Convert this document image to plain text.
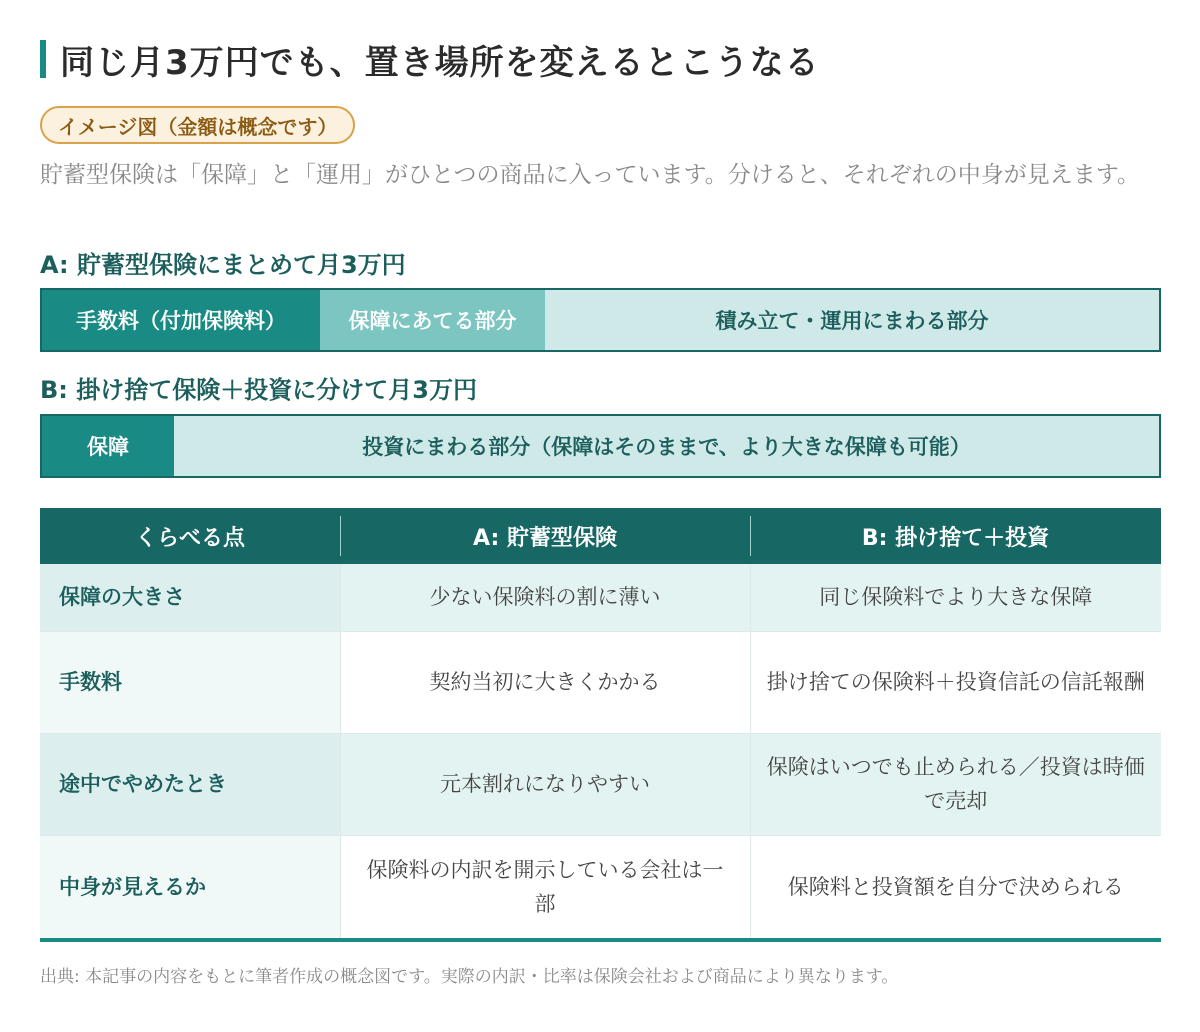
同じ月3万円でも、置き場所を変えるとこうなる
イメージ図（金額は概念です）

貯蓄型保険は「保障」と「運用」がひとつの商品に入っています。分けると、それぞれの中身が見えます。

A: 貯蓄型保険にまとめて月3万円
手数料（付加保険料）	保障にあてる部分	積み立て・運用にまわる部分
B: 掛け捨て保険＋投資に分けて月3万円
保障	投資にまわる部分（保障はそのままで、より大きな保障も可能）
くらべる点	A: 貯蓄型保険	B: 掛け捨て＋投資
保障の大きさ	少ない保険料の割に薄い	同じ保険料でより大きな保障
手数料	契約当初に大きくかかる	掛け捨ての保険料＋投資信託の信託報酬
途中でやめたとき	元本割れになりやすい	保険はいつでも止められる／投資は時価で売却
中身が見えるか	保険料の内訳を開示している会社は一部	保険料と投資額を自分で決められる

出典: 本記事の内容をもとに筆者作成の概念図です。実際の内訳・比率は保険会社および商品により異なります。
